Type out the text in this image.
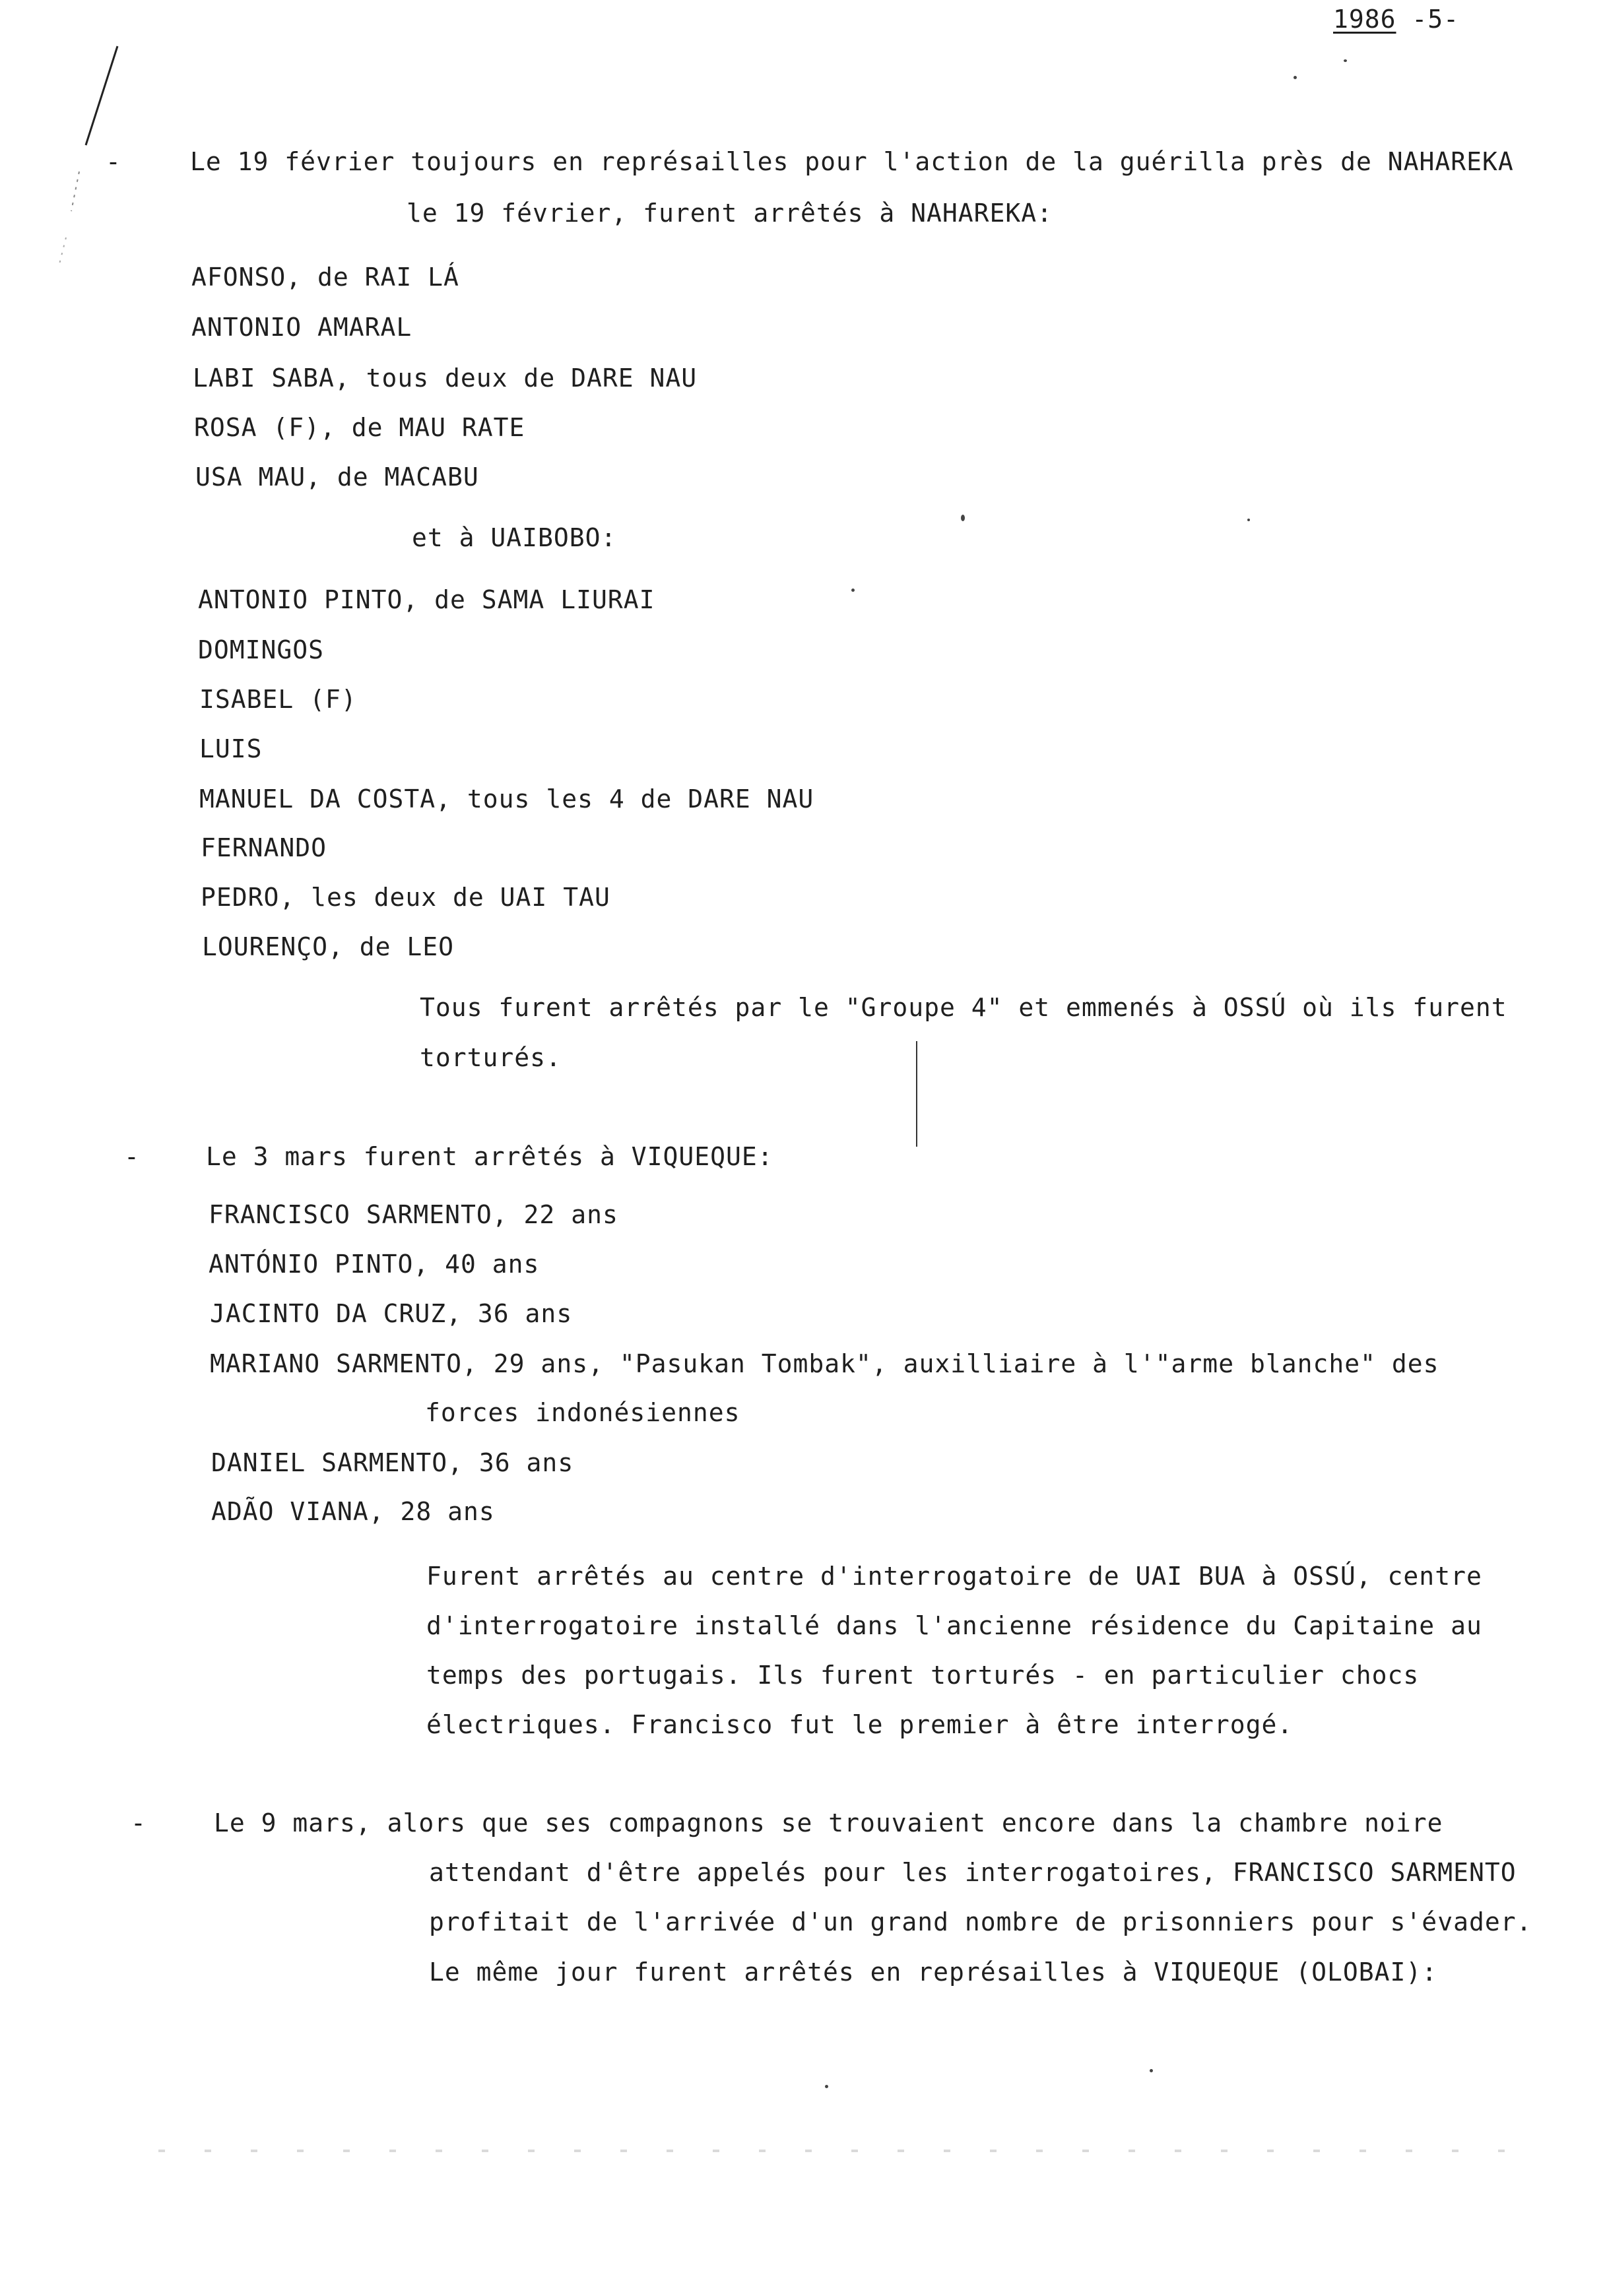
1986 -5-
-	Le 19 février toujours en représailles pour l'action de la guérilla près de NAHAREKA
le 19 février, furent arrêtés à NAHAREKA:
AFONSO, de RAI LÁ
ANTONIO AMARAL
LABI SABA, tous deux de DARE NAU
ROSA (F), de MAU RATE
USA MAU, de MACABU
et à UAIBOBO:
ANTONIO PINTO, de SAMA LIURAI
DOMINGOS
ISABEL (F)
LUIS
MANUEL DA COSTA, tous les 4 de DARE NAU
FERNANDO
PEDRO, les deux de UAI TAU
LOURENÇO, de LEO
Tous furent arrêtés par le "Groupe 4" et emmenés à OSSÚ où ils furent
torturés.
-	Le 3 mars furent arrêtés à VIQUEQUE:
FRANCISCO SARMENTO, 22 ans
ANTÓNIO PINTO, 40 ans
JACINTO DA CRUZ, 36 ans
MARIANO SARMENTO, 29 ans, "Pasukan Tombak", auxilliaire à l'"arme blanche" des
forces indonésiennes
DANIEL SARMENTO, 36 ans
ADÃO VIANA, 28 ans
Furent arrêtés au centre d'interrogatoire de UAI BUA à OSSÚ, centre
d'interrogatoire installé dans l'ancienne résidence du Capitaine au
temps des portugais. Ils furent torturés - en particulier chocs
électriques. Francisco fut le premier à être interrogé.
-	Le 9 mars, alors que ses compagnons se trouvaient encore dans la chambre noire
attendant d'être appelés pour les interrogatoires, FRANCISCO SARMENTO
profitait de l'arrivée d'un grand nombre de prisonniers pour s'évader.
Le même jour furent arrêtés en représailles à VIQUEQUE (OLOBAI):
